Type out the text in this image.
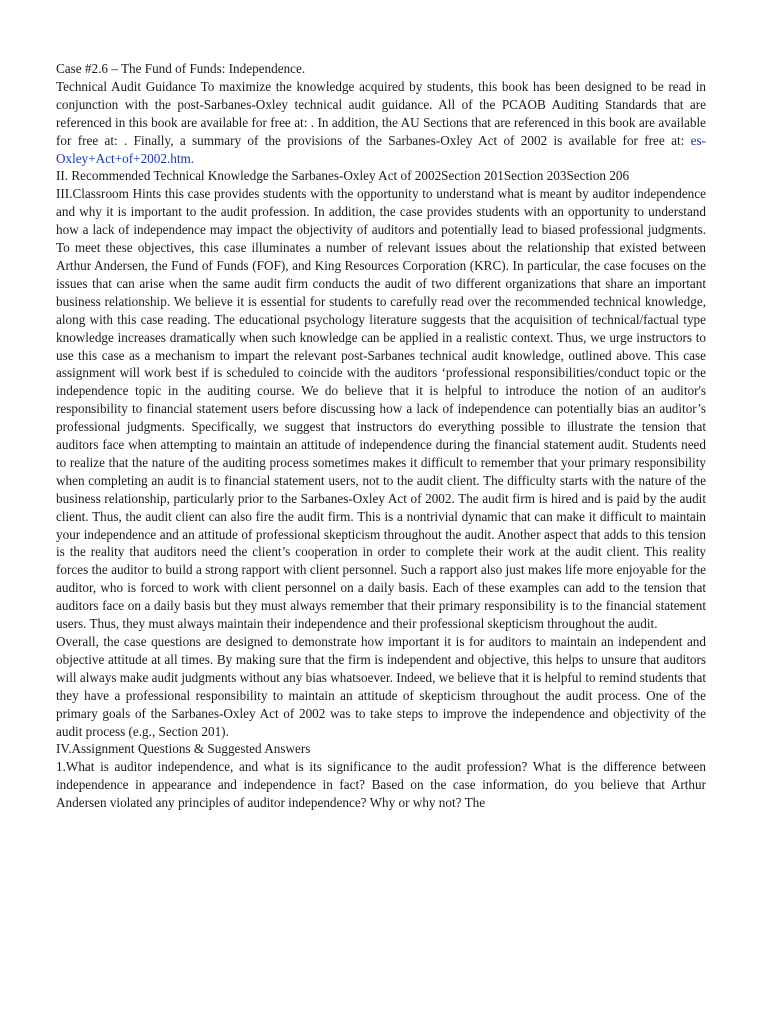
Case #2.6 – The Fund of Funds: Independence.

Technical Audit Guidance To maximize the knowledge acquired by students, this book has been designed to be read in conjunction with the post-Sarbanes-Oxley technical audit guidance. All of the PCAOB Auditing Standards that are referenced in this book are available for free at: . In addition, the AU Sections that are referenced in this book are available for free at: . Finally, a summary of the provisions of the Sarbanes-Oxley Act of 2002 is available for free at: es-Oxley+Act+of+2002.htm.

II. Recommended Technical Knowledge the Sarbanes-Oxley Act of 2002Section 201Section 203Section 206

III.Classroom Hints this case provides students with the opportunity to understand what is meant by auditor independence and why it is important to the audit profession. In addition, the case provides students with an opportunity to understand how a lack of independence may impact the objectivity of auditors and potentially lead to biased professional judgments. To meet these objectives, this case illuminates a number of relevant issues about the relationship that existed between Arthur Andersen, the Fund of Funds (FOF), and King Resources Corporation (KRC). In particular, the case focuses on the issues that can arise when the same audit firm conducts the audit of two different organizations that share an important business relationship. We believe it is essential for students to carefully read over the recommended technical knowledge, along with this case reading. The educational psychology literature suggests that the acquisition of technical/factual type knowledge increases dramatically when such knowledge can be applied in a realistic context. Thus, we urge instructors to use this case as a mechanism to impart the relevant post-Sarbanes technical audit knowledge, outlined above. This case assignment will work best if is scheduled to coincide with the auditors ‘professional responsibilities/conduct topic or the independence topic in the auditing course. We do believe that it is helpful to introduce the notion of an auditor's responsibility to financial statement users before discussing how a lack of independence can potentially bias an auditor’s professional judgments. Specifically, we suggest that instructors do everything possible to illustrate the tension that auditors face when attempting to maintain an attitude of independence during the financial statement audit. Students need to realize that the nature of the auditing process sometimes makes it difficult to remember that your primary responsibility when completing an audit is to financial statement users, not to the audit client. The difficulty starts with the nature of the business relationship, particularly prior to the Sarbanes-Oxley Act of 2002. The audit firm is hired and is paid by the audit client. Thus, the audit client can also fire the audit firm. This is a nontrivial dynamic that can make it difficult to maintain your independence and an attitude of professional skepticism throughout the audit. Another aspect that adds to this tension is the reality that auditors need the client’s cooperation in order to complete their work at the audit client. This reality forces the auditor to build a strong rapport with client personnel. Such a rapport also just makes life more enjoyable for the auditor, who is forced to work with client personnel on a daily basis. Each of these examples can add to the tension that auditors face on a daily basis but they must always remember that their primary responsibility is to the financial statement users. Thus, they must always maintain their independence and their professional skepticism throughout the audit.

Overall, the case questions are designed to demonstrate how important it is for auditors to maintain an independent and objective attitude at all times. By making sure that the firm is independent and objective, this helps to unsure that auditors will always make audit judgments without any bias whatsoever. Indeed, we believe that it is helpful to remind students that they have a professional responsibility to maintain an attitude of skepticism throughout the audit process. One of the primary goals of the Sarbanes-Oxley Act of 2002 was to take steps to improve the independence and objectivity of the audit process (e.g., Section 201).

IV.Assignment Questions & Suggested Answers

1.What is auditor independence, and what is its significance to the audit profession? What is the difference between independence in appearance and independence in fact? Based on the case information, do you believe that Arthur Andersen violated any principles of auditor independence? Why or why not? The
